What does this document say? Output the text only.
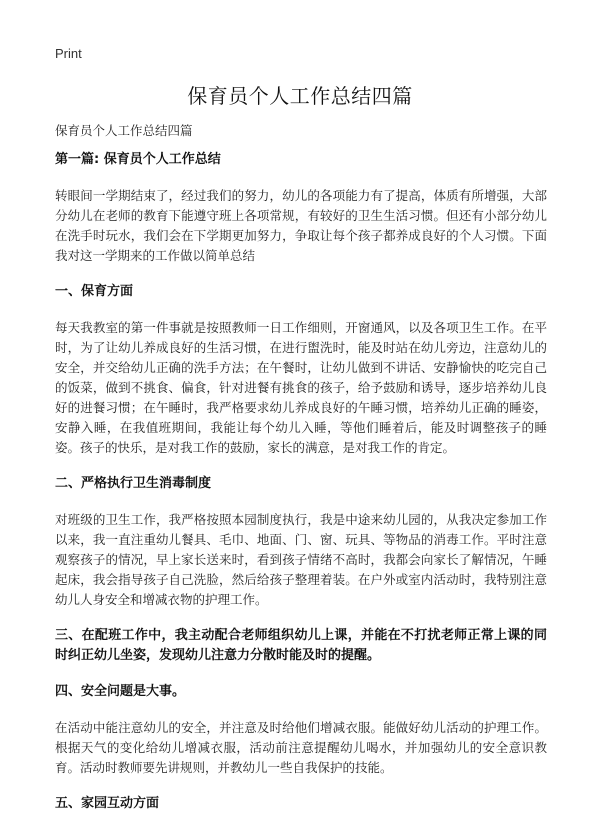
Print
保育员个人工作总结四篇
保育员个人工作总结四篇
第一篇: 保育员个人工作总结

转眼间一学期结束了，经过我们的努力，幼儿的各项能力有了提高，体质有所增强，大部分幼儿在老师的教育下能遵守班上各项常规，有较好的卫生生活习惯。但还有小部分幼儿在洗手时玩水，我们会在下学期更加努力，争取让每个孩子都养成良好的个人习惯。下面我对这一学期来的工作做以简单总结

一、保育方面

每天我教室的第一件事就是按照教师一日工作细则，开窗通风，以及各项卫生工作。在平时，为了让幼儿养成良好的生活习惯，在进行盥洗时，能及时站在幼儿旁边，注意幼儿的安全，并交给幼儿正确的洗手方法；在午餐时，让幼儿做到不讲话、安静愉快的吃完自己的饭菜，做到不挑食、偏食，针对进餐有挑食的孩子，给予鼓励和诱导，逐步培养幼儿良好的进餐习惯；在午睡时，我严格要求幼儿养成良好的午睡习惯，培养幼儿正确的睡姿，安静入睡，在我值班期间，我能让每个幼儿入睡，等他们睡着后，能及时调整孩子的睡姿。孩子的快乐，是对我工作的鼓励，家长的满意，是对我工作的肯定。

二、严格执行卫生消毒制度

对班级的卫生工作，我严格按照本园制度执行，我是中途来幼儿园的，从我决定参加工作以来，我一直注重幼儿餐具、毛巾、地面、门、窗、玩具、等物品的消毒工作。平时注意观察孩子的情况，早上家长送来时，看到孩子情绪不高时，我都会向家长了解情况，午睡起床，我会指导孩子自己洗脸，然后给孩子整理着装。在户外或室内活动时，我特别注意幼儿人身安全和增减衣物的护理工作。

三、在配班工作中，我主动配合老师组织幼儿上课，并能在不打扰老师正常上课的同时纠正幼儿坐姿，发现幼儿注意力分散时能及时的提醒。

四、安全问题是大事。

在活动中能注意幼儿的安全，并注意及时给他们增减衣服。能做好幼儿活动的护理工作。根据天气的变化给幼儿增减衣服，活动前注意提醒幼儿喝水，并加强幼儿的安全意识教育。活动时教师要先讲规则，并教幼儿一些自我保护的技能。

五、家园互动方面
